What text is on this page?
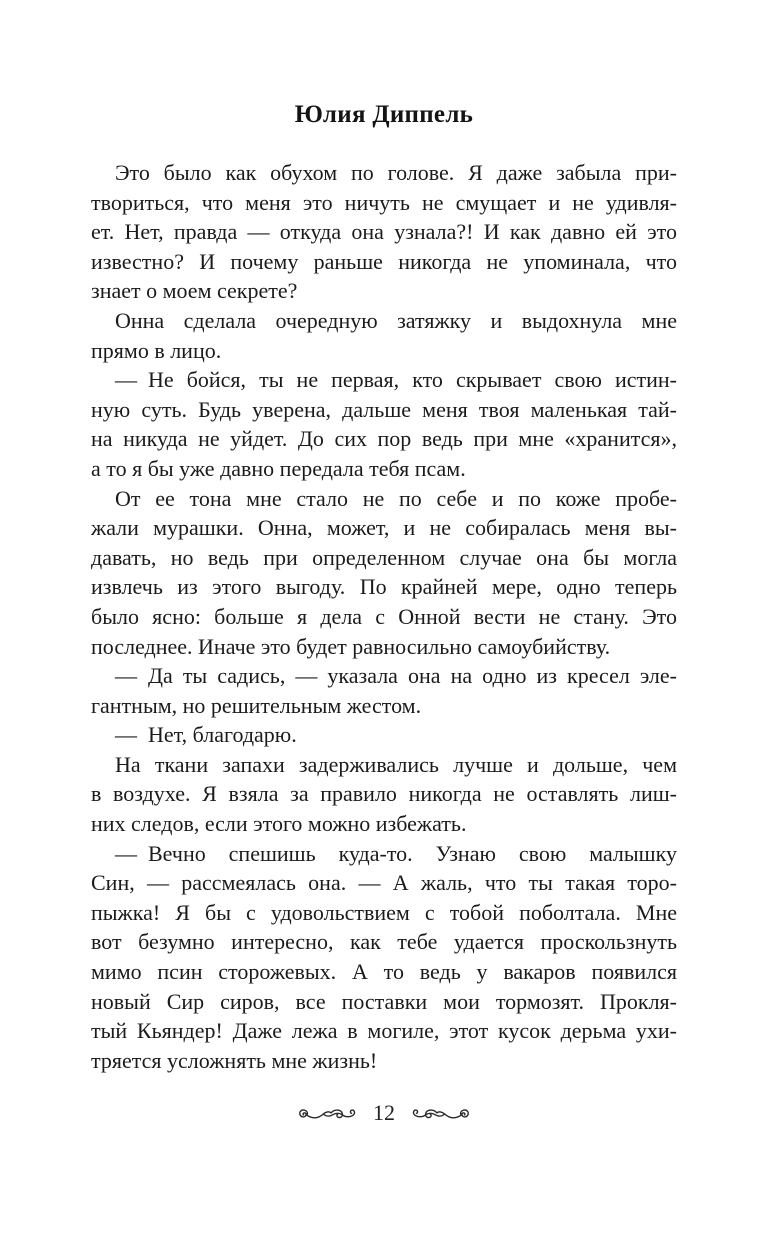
Юлия Диппель
Это было как обухом по голове. Я даже забыла при-
твориться, что меня это ничуть не смущает и не удивля-
ет. Нет, правда — откуда она узнала?! И как давно ей это
известно? И почему раньше никогда не упоминала, что
знает о моем секрете?
Онна сделала очередную затяжку и выдохнула мне
прямо в лицо.
— Не бойся, ты не первая, кто скрывает свою истин-
ную суть. Будь уверена, дальше меня твоя маленькая тай-
на никуда не уйдет. До сих пор ведь при мне «хранится»,
а то я бы уже давно передала тебя псам.
От ее тона мне стало не по себе и по коже пробе-
жали мурашки. Онна, может, и не собиралась меня вы-
давать, но ведь при определенном случае она бы могла
извлечь из этого выгоду. По крайней мере, одно теперь
было ясно: больше я дела с Онной вести не стану. Это
последнее. Иначе это будет равносильно самоубийству.
— Да ты садись, — указала она на одно из кресел эле-
гантным, но решительным жестом.
— Нет, благодарю.
На ткани запахи задерживались лучше и дольше, чем
в воздухе. Я взяла за правило никогда не оставлять лиш-
них следов, если этого можно избежать.
— Вечно спешишь куда-то. Узнаю свою малышку
Син, — рассмеялась она. — А жаль, что ты такая торо-
пыжка! Я бы с удовольствием с тобой поболтала. Мне
вот безумно интересно, как тебе удается проскользнуть
мимо псин сторожевых. А то ведь у вакаров появился
новый Сир сиров, все поставки мои тормозят. Прокля-
тый Кьяндер! Даже лежа в могиле, этот кусок дерьма ухи-
тряется усложнять мне жизнь!
12
